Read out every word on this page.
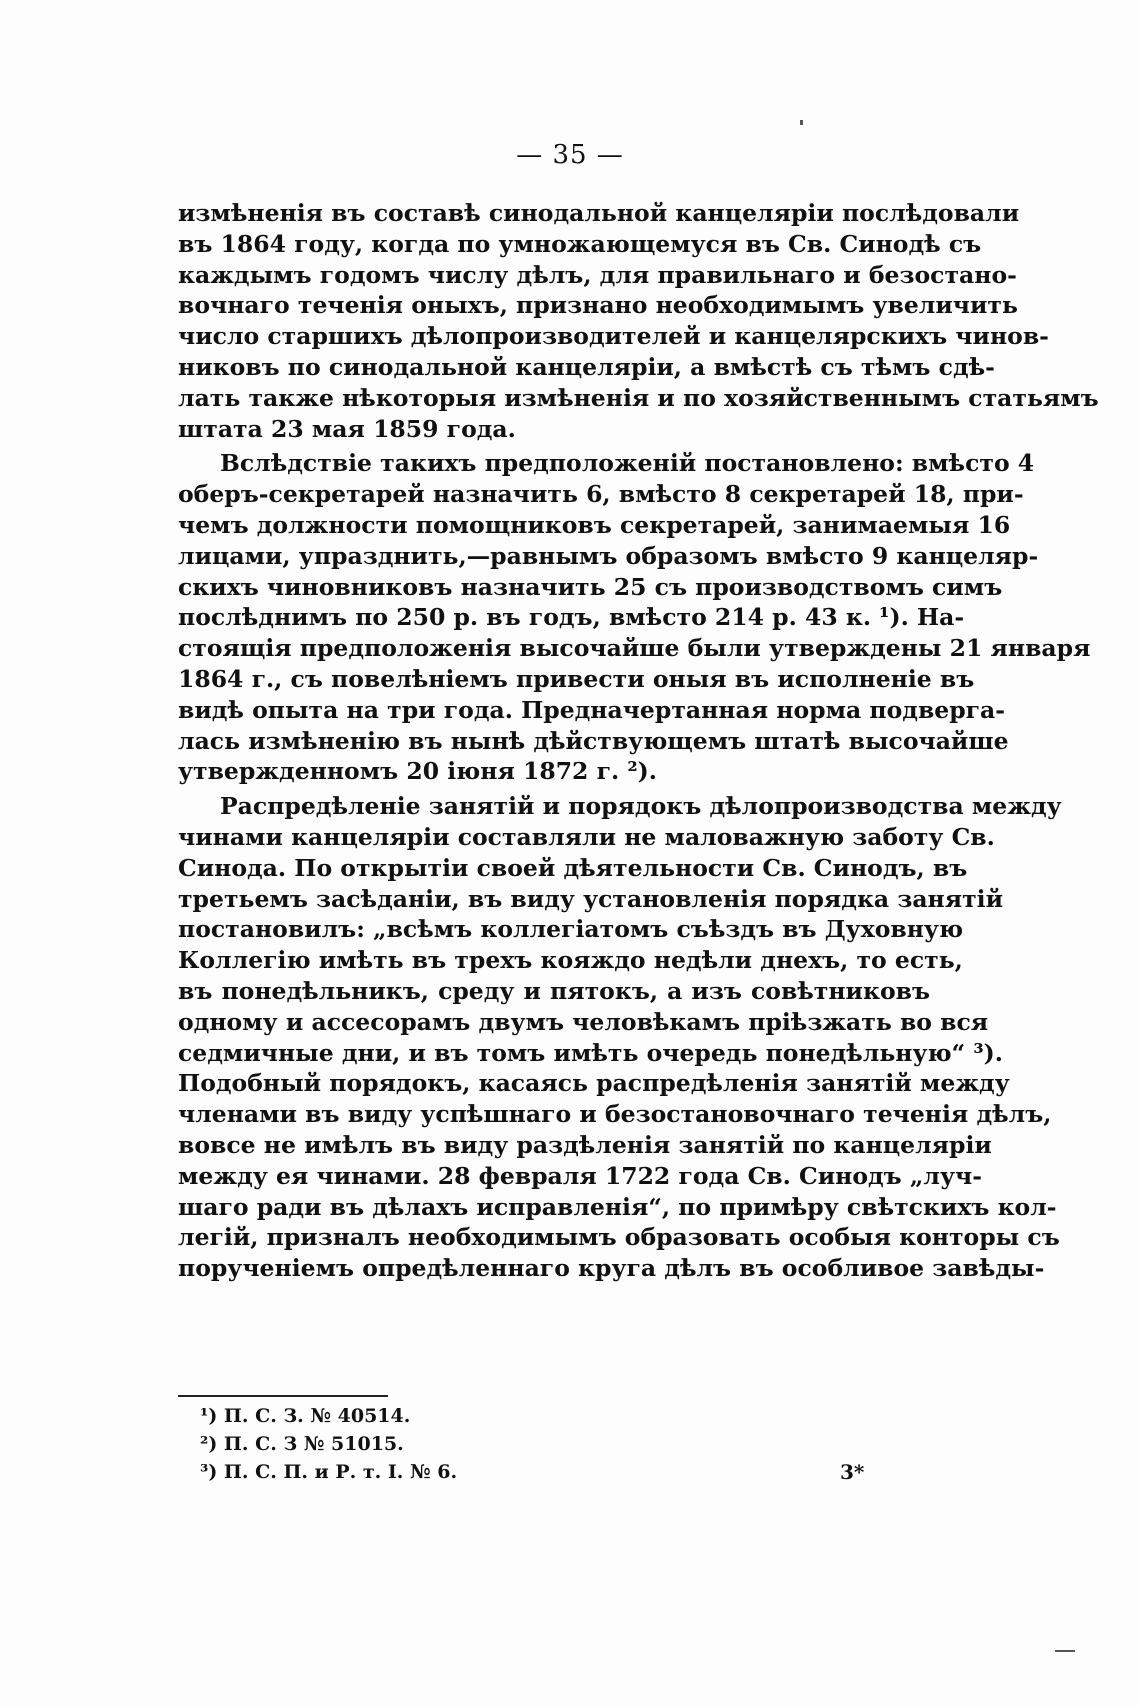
— 35 —
измѣненія въ составѣ синодальной канцеляріи послѣдовали
въ 1864 году, когда по умножающемуся въ Св. Синодѣ съ
каждымъ годомъ числу дѣлъ, для правильнаго и безостано-
вочнаго теченія оныхъ, признано необходимымъ увеличить
число старшихъ дѣлопроизводителей и канцелярскихъ чинов-
никовъ по синодальной канцеляріи, а вмѣстѣ съ тѣмъ сдѣ-
лать также нѣкоторыя измѣненія и по хозяйственнымъ статьямъ
штата 23 мая 1859 года.
Вслѣдствіе такихъ предположеній постановлено: вмѣсто 4
оберъ-секретарей назначить 6, вмѣсто 8 секретарей 18, при-
чемъ должности помощниковъ секретарей, занимаемыя 16
лицами, упразднить,—равнымъ образомъ вмѣсто 9 канцеляр-
скихъ чиновниковъ назначить 25 съ производствомъ симъ
послѣднимъ по 250 р. въ годъ, вмѣсто 214 р. 43 к. ¹). На-
стоящія предположенія высочайше были утверждены 21 января
1864 г., съ повелѣніемъ привести оныя въ исполненіе въ
видѣ опыта на три года. Предначертанная норма подверга-
лась измѣненію въ нынѣ дѣйствующемъ штатѣ высочайше
утвержденномъ 20 іюня 1872 г. ²).
Распредѣленіе занятій и порядокъ дѣлопроизводства между
чинами канцеляріи составляли не маловажную заботу Св.
Синода. По открытіи своей дѣятельности Св. Синодъ, въ
третьемъ засѣданіи, въ виду установленія порядка занятій
постановилъ: „всѣмъ коллегіатомъ съѣздъ въ Духовную
Коллегію имѣть въ трехъ кояждо недѣли днехъ, то есть,
въ понедѣльникъ, среду и пятокъ, а изъ совѣтниковъ
одному и ассесорамъ двумъ человѣкамъ пріѣзжать во вся
седмичные дни, и въ томъ имѣть очередь понедѣльную“ ³).
Подобный порядокъ, касаясь распредѣленія занятій между
членами въ виду успѣшнаго и безостановочнаго теченія дѣлъ,
вовсе не имѣлъ въ виду раздѣленія занятій по канцеляріи
между ея чинами. 28 февраля 1722 года Св. Синодъ „луч-
шаго ради въ дѣлахъ исправленія“, по примѣру свѣтскихъ кол-
легій, призналъ необходимымъ образовать особыя конторы съ
порученіемъ опредѣленнаго круга дѣлъ въ особливое завѣды-
¹) П. С. З. № 40514.
²) П. С. З № 51015.
³) П. С. П. и Р. т. I. № 6.	3*
